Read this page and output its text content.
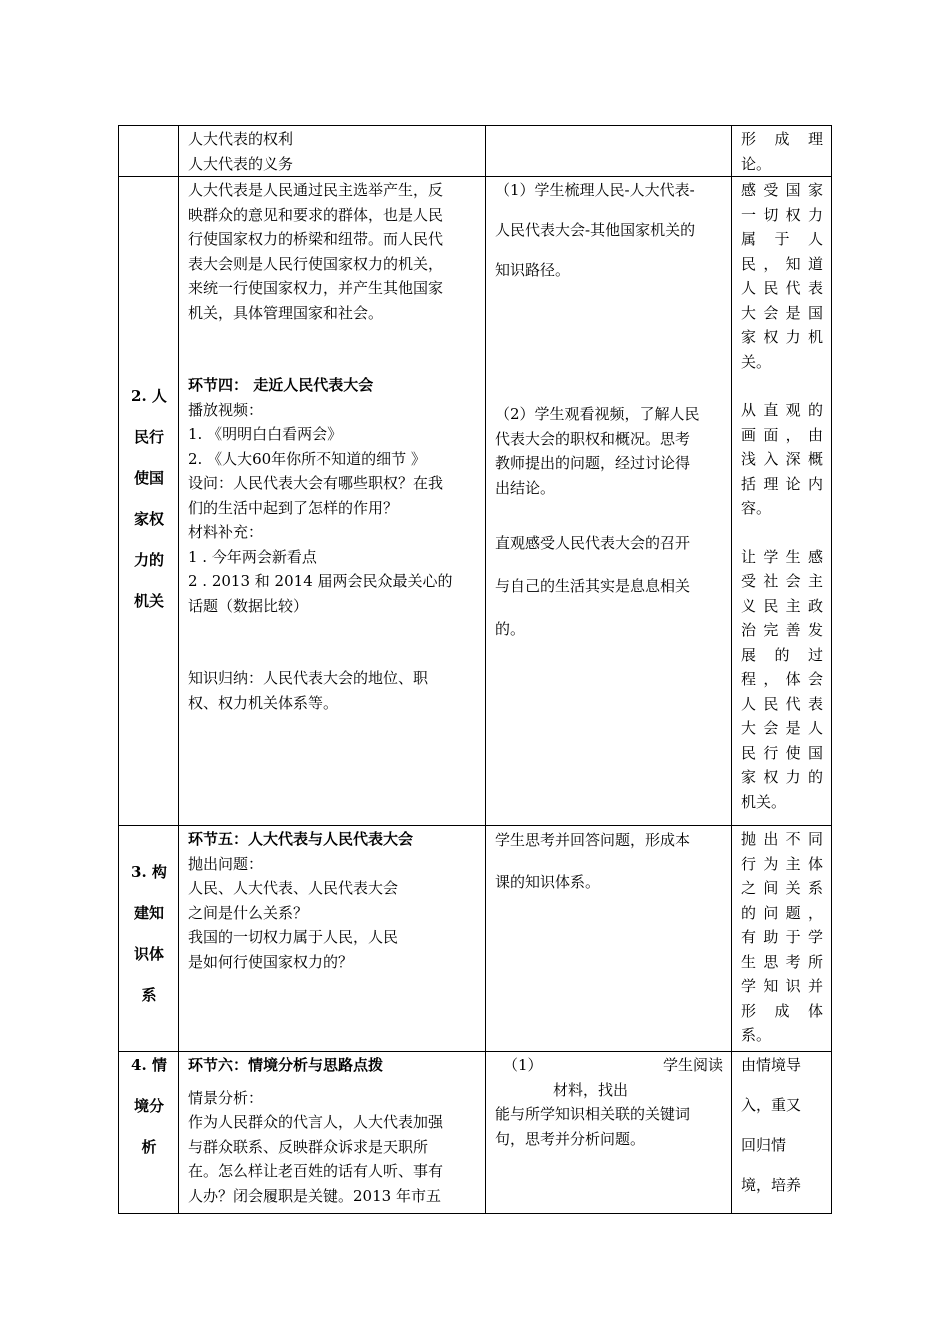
人大代表的权利
人大代表的义务
形成理
论。
2. 人
民行
使国
家权
力的
机关
人大代表是人民通过民主选举产生，反
映群众的意见和要求的群体，也是人民
行使国家权力的桥梁和纽带。而人民代
表大会则是人民行使国家权力的机关，
来统一行使国家权力，并产生其他国家
机关，具体管理国家和社会。
环节四： 走近人民代表大会
播放视频：
1. 《明明白白看两会》
2. 《人大60年你所不知道的细节 》
设问：人民代表大会有哪些职权？在我
们的生活中起到了怎样的作用？
材料补充：
1 . 今年两会新看点
2 . 2013 和 2014 届两会民众最关心的
话题（数据比较）
知识归纳：人民代表大会的地位、职
权、权力机关体系等。
（1）学生梳理人民-人大代表-
人民代表大会-其他国家机关的
知识路径。
（2）学生观看视频，了解人民
代表大会的职权和概况。思考
教师提出的问题，经过讨论得
出结论。
直观感受人民代表大会的召开
与自己的生活其实是息息相关
的。
感受国家
一切权力
属于人
民，知道
人民代表
大会是国
家权力机
关。
从直观的
画面，由
浅入深概
括理论内
容。
让学生感
受社会主
义民主政
治完善发
展的过
程，体会
人民代表
大会是人
民行使国
家权力的
机关。
3. 构
建知
识体
系
环节五：人大代表与人民代表大会
抛出问题：
人民、人大代表、人民代表大会
之间是什么关系？
我国的一切权力属于人民，人民
是如何行使国家权力的？
学生思考并回答问题，形成本
课的知识体系。
抛出不同
行为主体
之间关系
的问题，
有助于学
生思考所
学知识并
形成体
系。
4. 情
境分
析
环节六：情境分析与思路点拨
情景分析：
作为人民群众的代言人，人大代表加强
与群众联系、反映群众诉求是天职所
在。怎么样让老百姓的话有人听、事有
人办？闭会履职是关键。2013 年市五
（1）	学生阅读
材料，找出
能与所学知识相关联的关键词
句，思考并分析问题。
由情境导
入，重又
回归情
境，培养
